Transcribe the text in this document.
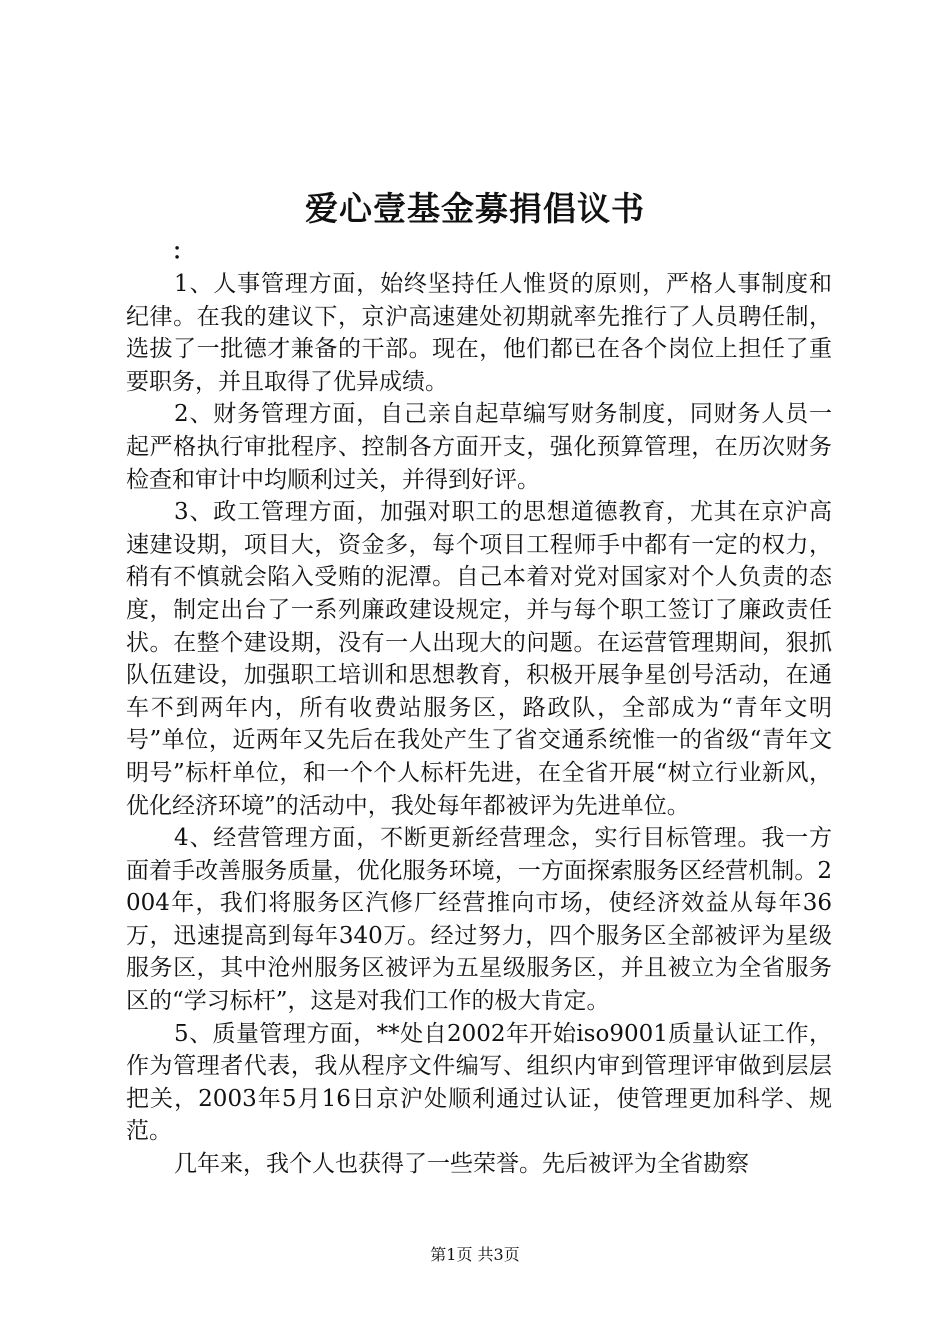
爱心壹基金募捐倡议书
：

1、人事管理方面，始终坚持任人惟贤的原则，严格人事制度和纪律。在我的建议下，京沪高速建处初期就率先推行了人员聘任制，选拔了一批德才兼备的干部。现在，他们都已在各个岗位上担任了重要职务，并且取得了优异成绩。

2、财务管理方面，自己亲自起草编写财务制度，同财务人员一起严格执行审批程序、控制各方面开支，强化预算管理，在历次财务检查和审计中均顺利过关，并得到好评。

3、政工管理方面，加强对职工的思想道德教育，尤其在京沪高速建设期，项目大，资金多，每个项目工程师手中都有一定的权力，稍有不慎就会陷入受贿的泥潭。自己本着对党对国家对个人负责的态度，制定出台了一系列廉政建设规定，并与每个职工签订了廉政责任状。在整个建设期，没有一人出现大的问题。在运营管理期间，狠抓队伍建设，加强职工培训和思想教育，积极开展争星创号活动，在通车不到两年内，所有收费站服务区，路政队，全部成为“青年文明号”单位，近两年又先后在我处产生了省交通系统惟一的省级“青年文明号”标杆单位，和一个个人标杆先进，在全省开展“树立行业新风，优化经济环境”的活动中，我处每年都被评为先进单位。

4、经营管理方面，不断更新经营理念，实行目标管理。我一方面着手改善服务质量，优化服务环境，一方面探索服务区经营机制。2004年，我们将服务区汽修厂经营推向市场，使经济效益从每年36万，迅速提高到每年340万。经过努力，四个服务区全部被评为星级服务区，其中沧州服务区被评为五星级服务区，并且被立为全省服务区的“学习标杆”，这是对我们工作的极大肯定。

5、质量管理方面，**处自2002年开始iso9001质量认证工作，作为管理者代表，我从程序文件编写、组织内审到管理评审做到层层把关，2003年5月16日京沪处顺利通过认证，使管理更加科学、规范。

几年来，我个人也获得了一些荣誉。先后被评为全省勘察

第1页 共3页
